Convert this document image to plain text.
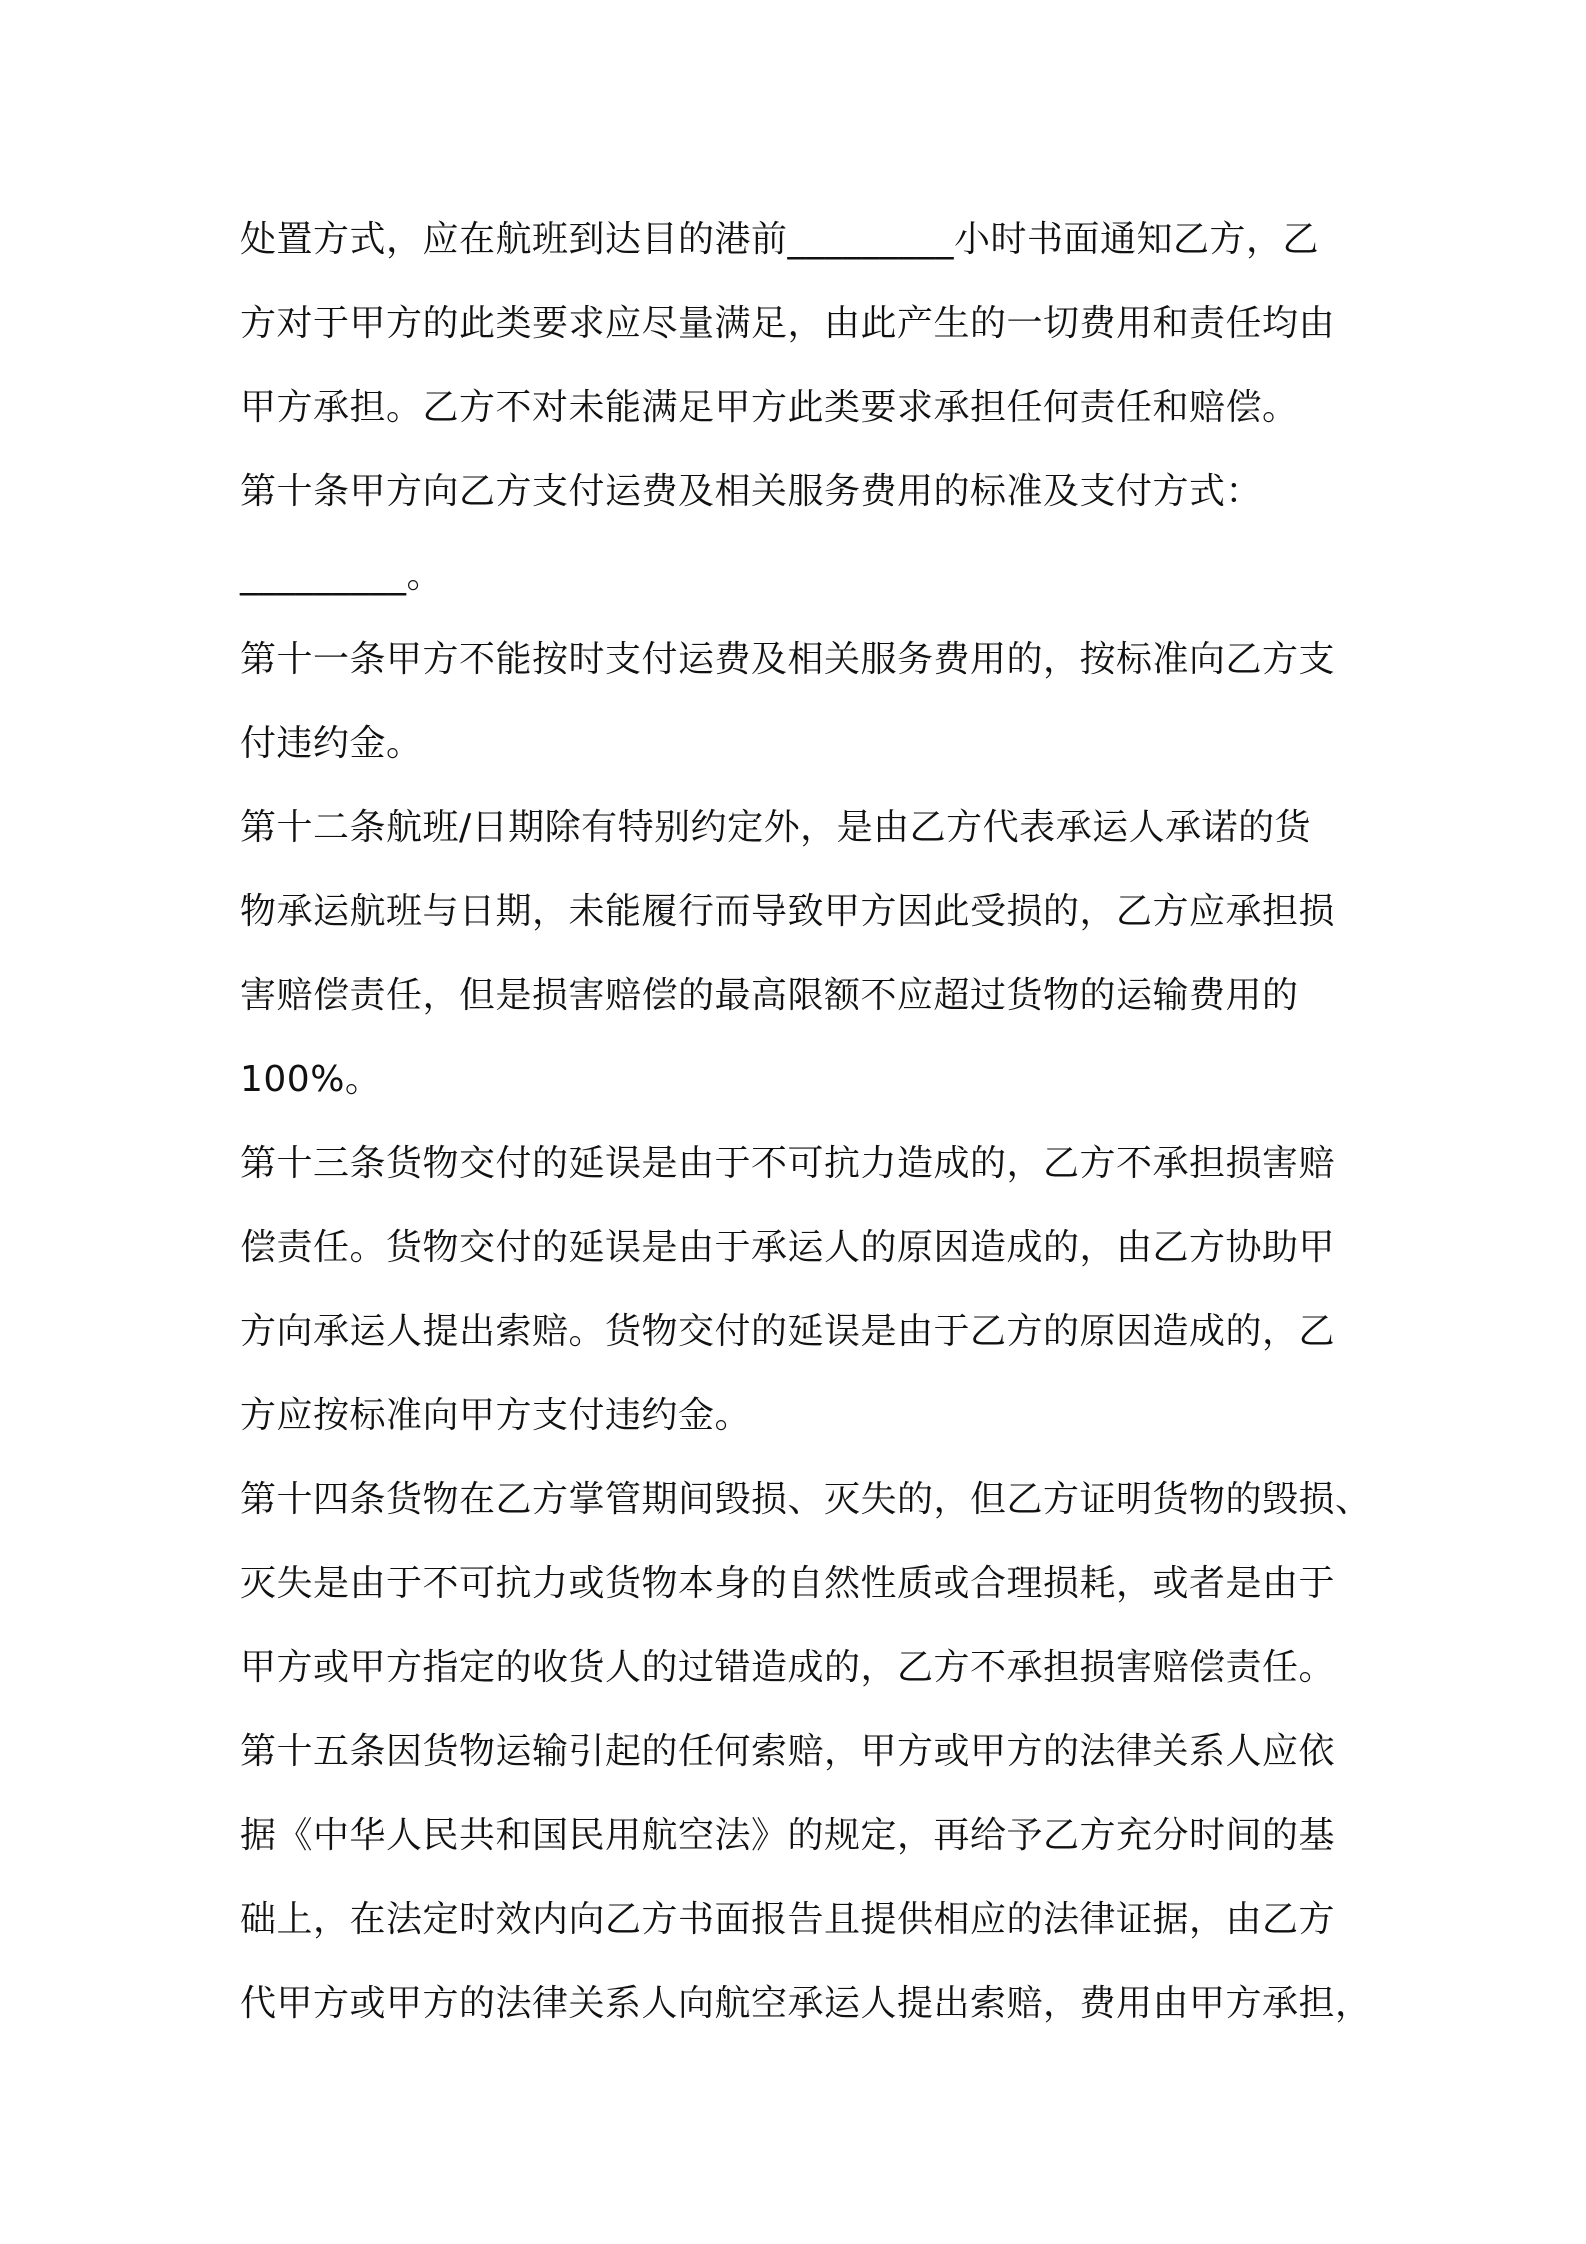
处置方式，应在航班到达目的港前_________小时书面通知乙方，乙
方对于甲方的此类要求应尽量满足，由此产生的一切费用和责任均由
甲方承担。乙方不对未能满足甲方此类要求承担任何责任和赔偿。
第十条甲方向乙方支付运费及相关服务费用的标准及支付方式：
_________。
第十一条甲方不能按时支付运费及相关服务费用的，按标准向乙方支
付违约金。
第十二条航班/日期除有特别约定外，是由乙方代表承运人承诺的货
物承运航班与日期，未能履行而导致甲方因此受损的，乙方应承担损
害赔偿责任，但是损害赔偿的最高限额不应超过货物的运输费用的
100%。
第十三条货物交付的延误是由于不可抗力造成的，乙方不承担损害赔
偿责任。货物交付的延误是由于承运人的原因造成的，由乙方协助甲
方向承运人提出索赔。货物交付的延误是由于乙方的原因造成的，乙
方应按标准向甲方支付违约金。
第十四条货物在乙方掌管期间毁损、灭失的，但乙方证明货物的毁损、
灭失是由于不可抗力或货物本身的自然性质或合理损耗，或者是由于
甲方或甲方指定的收货人的过错造成的，乙方不承担损害赔偿责任。
第十五条因货物运输引起的任何索赔，甲方或甲方的法律关系人应依
据《中华人民共和国民用航空法》的规定，再给予乙方充分时间的基
础上，在法定时效内向乙方书面报告且提供相应的法律证据，由乙方
代甲方或甲方的法律关系人向航空承运人提出索赔，费用由甲方承担，
